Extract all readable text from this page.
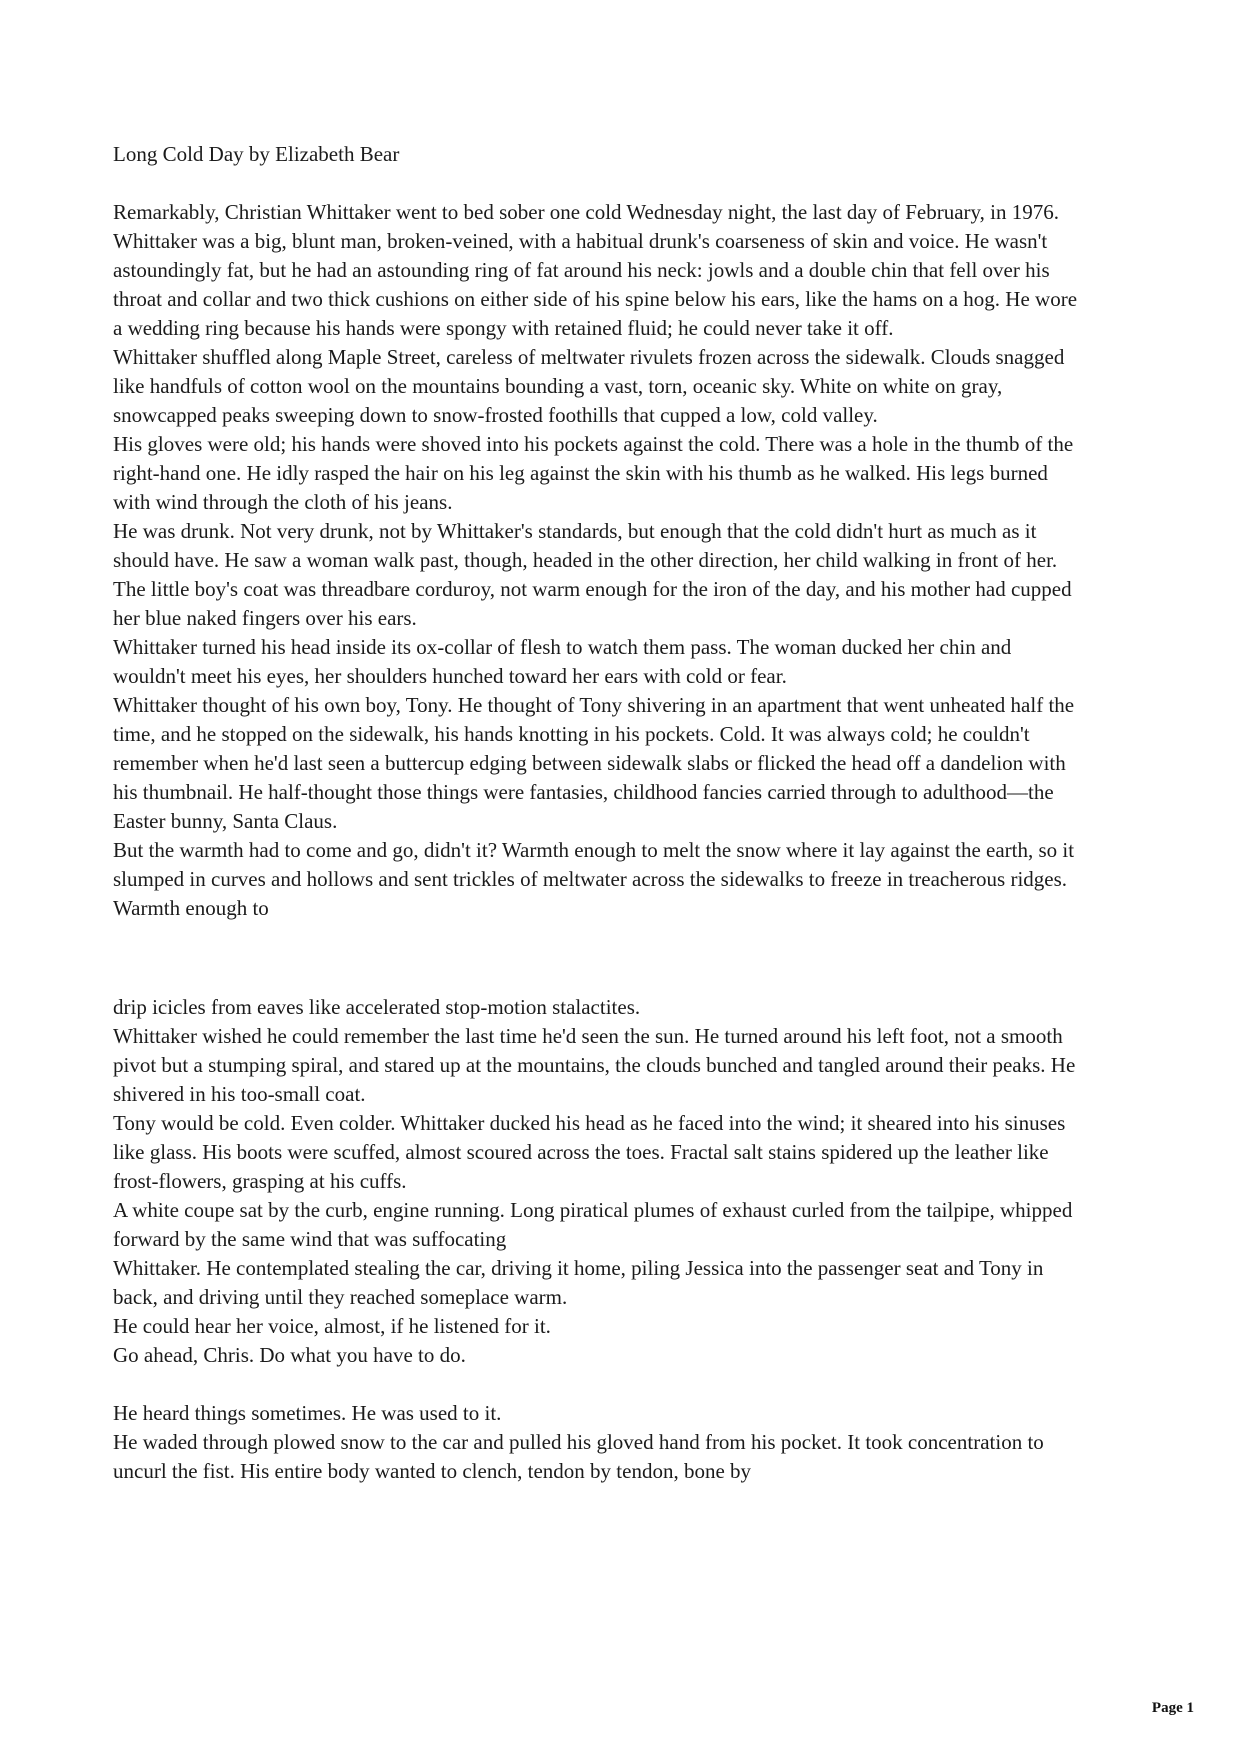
Long Cold Day by Elizabeth Bear

Remarkably, Christian Whittaker went to bed sober one cold Wednesday night, the last day of February, in 1976. Whittaker was a big, blunt man, broken-veined, with a habitual drunk's coarseness of skin and voice. He wasn't astoundingly fat, but he had an astounding ring of fat around his neck: jowls and a double chin that fell over his throat and collar and two thick cushions on either side of his spine below his ears, like the hams on a hog. He wore a wedding ring because his hands were spongy with retained fluid; he could never take it off.

Whittaker shuffled along Maple Street, careless of meltwater rivulets frozen across the sidewalk. Clouds snagged like handfuls of cotton wool on the mountains bounding a vast, torn, oceanic sky. White on white on gray, snowcapped peaks sweeping down to snow-frosted foothills that cupped a low, cold valley.

His gloves were old; his hands were shoved into his pockets against the cold. There was a hole in the thumb of the right-hand one. He idly rasped the hair on his leg against the skin with his thumb as he walked. His legs burned with wind through the cloth of his jeans.

He was drunk. Not very drunk, not by Whittaker's standards, but enough that the cold didn't hurt as much as it should have. He saw a woman walk past, though, headed in the other direction, her child walking in front of her. The little boy's coat was threadbare corduroy, not warm enough for the iron of the day, and his mother had cupped her blue naked fingers over his ears.

Whittaker turned his head inside its ox-collar of flesh to watch them pass. The woman ducked her chin and wouldn't meet his eyes, her shoulders hunched toward her ears with cold or fear.

Whittaker thought of his own boy, Tony. He thought of Tony shivering in an apartment that went unheated half the time, and he stopped on the sidewalk, his hands knotting in his pockets. Cold. It was always cold; he couldn't remember when he'd last seen a buttercup edging between sidewalk slabs or flicked the head off a dandelion with his thumbnail. He half-thought those things were fantasies, childhood fancies carried through to adulthood—the Easter bunny, Santa Claus.

But the warmth had to come and go, didn't it? Warmth enough to melt the snow where it lay against the earth, so it slumped in curves and hollows and sent trickles of meltwater across the sidewalks to freeze in treacherous ridges. Warmth enough to

drip icicles from eaves like accelerated stop-motion stalactites.

Whittaker wished he could remember the last time he'd seen the sun. He turned around his left foot, not a smooth pivot but a stumping spiral, and stared up at the mountains, the clouds bunched and tangled around their peaks. He shivered in his too-small coat.

Tony would be cold. Even colder. Whittaker ducked his head as he faced into the wind; it sheared into his sinuses like glass. His boots were scuffed, almost scoured across the toes. Fractal salt stains spidered up the leather like frost-flowers, grasping at his cuffs.

A white coupe sat by the curb, engine running. Long piratical plumes of exhaust curled from the tailpipe, whipped forward by the same wind that was suffocating

Whittaker. He contemplated stealing the car, driving it home, piling Jessica into the passenger seat and Tony in back, and driving until they reached someplace warm.

He could hear her voice, almost, if he listened for it.

Go ahead, Chris. Do what you have to do.

He heard things sometimes. He was used to it.

He waded through plowed snow to the car and pulled his gloved hand from his pocket. It took concentration to uncurl the fist. His entire body wanted to clench, tendon by tendon, bone by

Page 1
